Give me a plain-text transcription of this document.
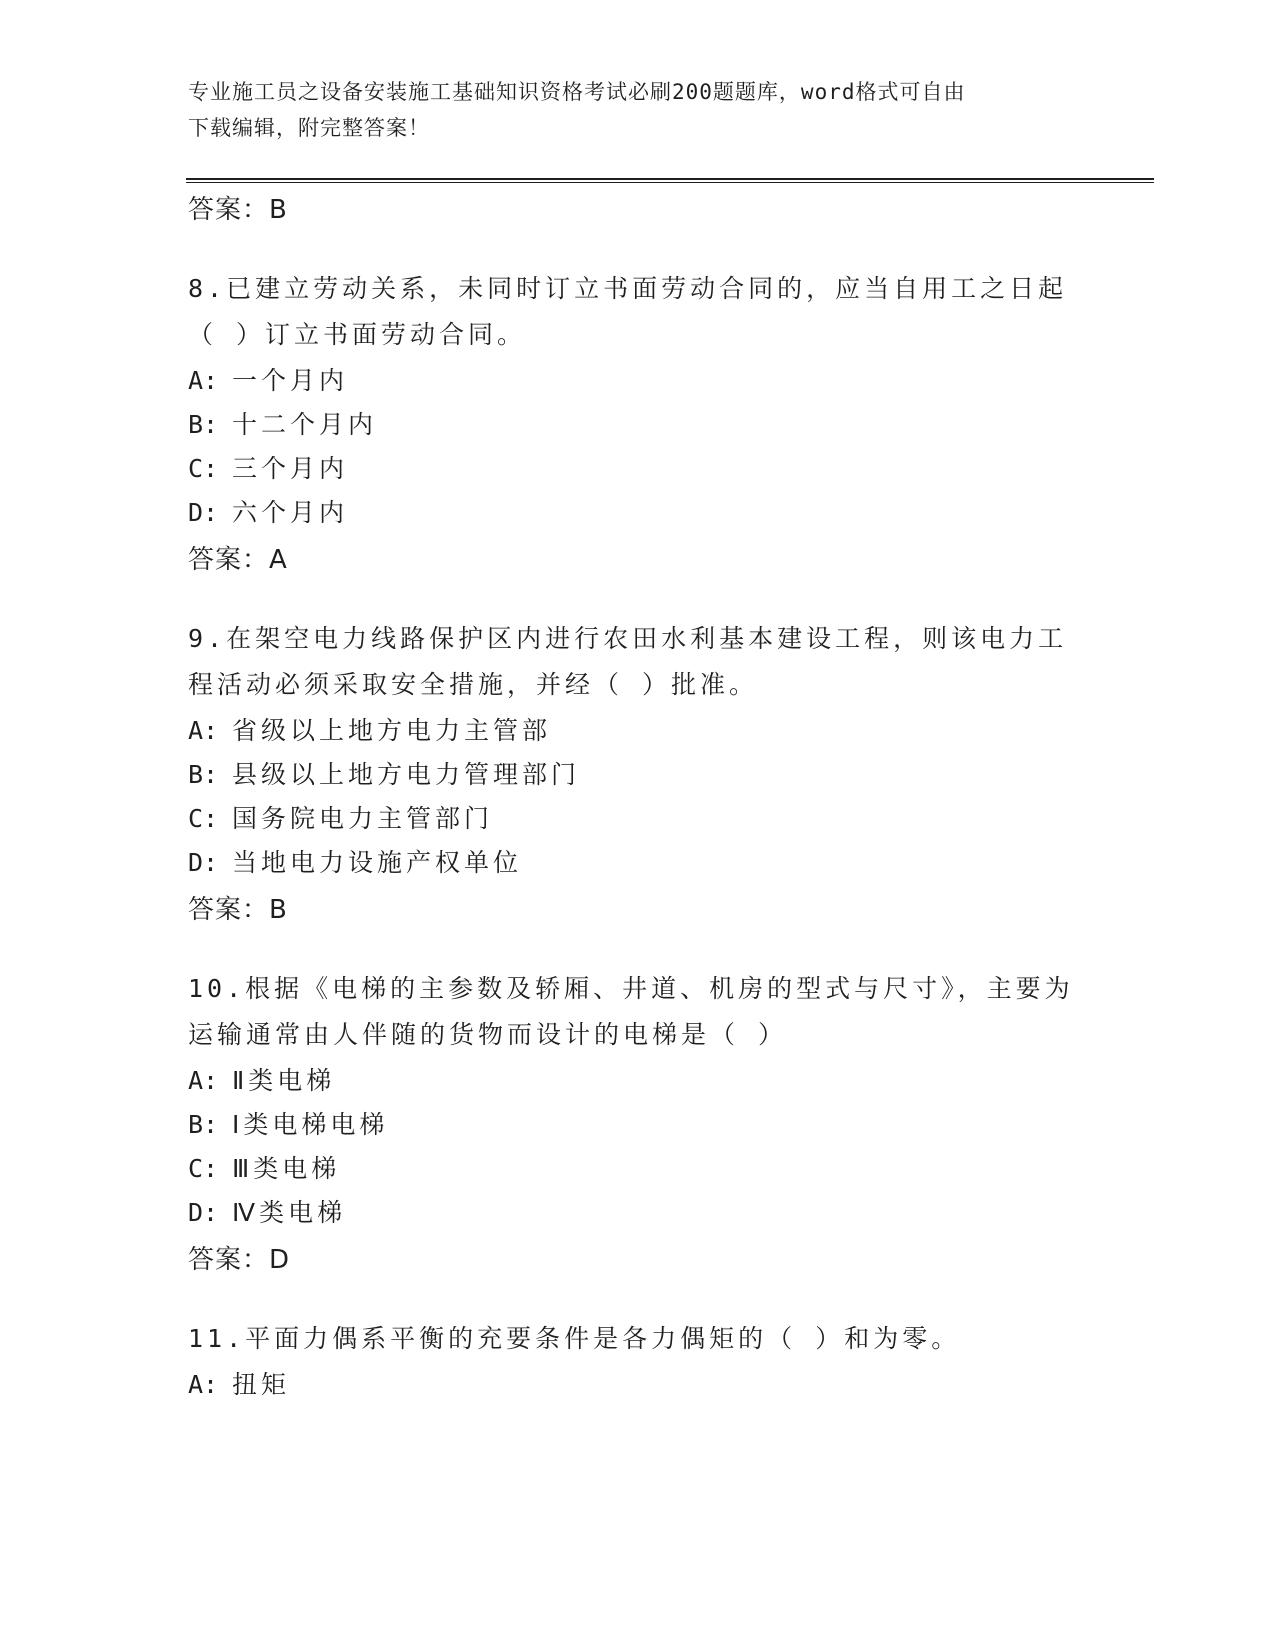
专业施工员之设备安装施工基础知识资格考试必刷200题题库，word格式可自由
下载编辑，附完整答案！
答案：B
8.已建立劳动关系，未同时订立书面劳动合同的，应当自用工之日起
（ ）订立书面劳动合同。
A: 一个月内
B: 十二个月内
C: 三个月内
D: 六个月内
答案：A
9.在架空电力线路保护区内进行农田水利基本建设工程，则该电力工
程活动必须采取安全措施，并经（ ）批准。
A: 省级以上地方电力主管部
B: 县级以上地方电力管理部门
C: 国务院电力主管部门
D: 当地电力设施产权单位
答案：B
10.根据《电梯的主参数及轿厢、井道、机房的型式与尺寸》，主要为
运输通常由人伴随的货物而设计的电梯是（ ）
A: Ⅱ类电梯
B: Ⅰ类电梯电梯
C: Ⅲ类电梯
D: Ⅳ类电梯
答案：D
11.平面力偶系平衡的充要条件是各力偶矩的（ ）和为零。
A: 扭矩
